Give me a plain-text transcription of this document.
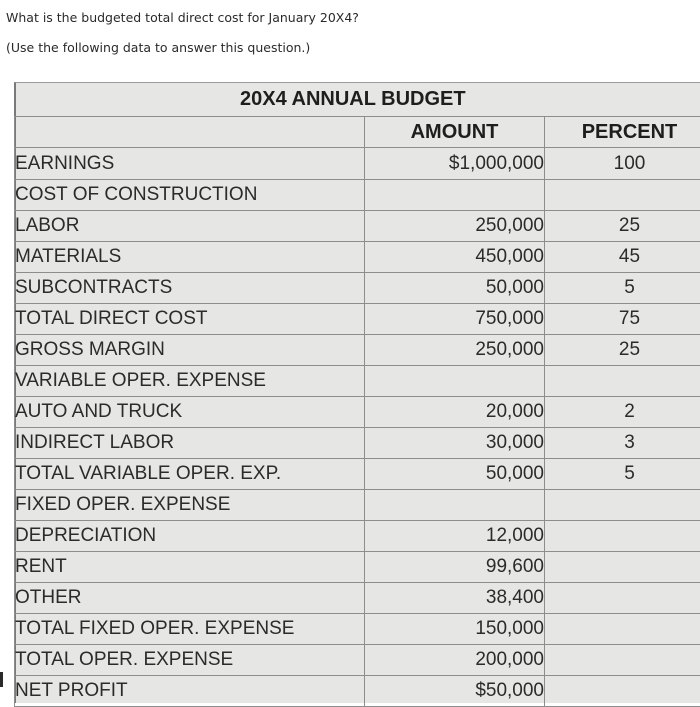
What is the budgeted total direct cost for January 20X4?
(Use the following data to answer this question.)
20X4 ANNUAL BUDGET
	AMOUNT	PERCENT
EARNINGS	$1,000,000	100
COST OF CONSTRUCTION		
LABOR	250,000	25
MATERIALS	450,000	45
SUBCONTRACTS	50,000	5
TOTAL DIRECT COST	750,000	75
GROSS MARGIN	250,000	25
VARIABLE OPER. EXPENSE		
AUTO AND TRUCK	20,000	2
INDIRECT LABOR	30,000	3
TOTAL VARIABLE OPER. EXP.	50,000	5
FIXED OPER. EXPENSE		
DEPRECIATION	12,000	
RENT	99,600	
OTHER	38,400	
TOTAL FIXED OPER. EXPENSE	150,000	
TOTAL OPER. EXPENSE	200,000	
NET PROFIT	$50,000	
